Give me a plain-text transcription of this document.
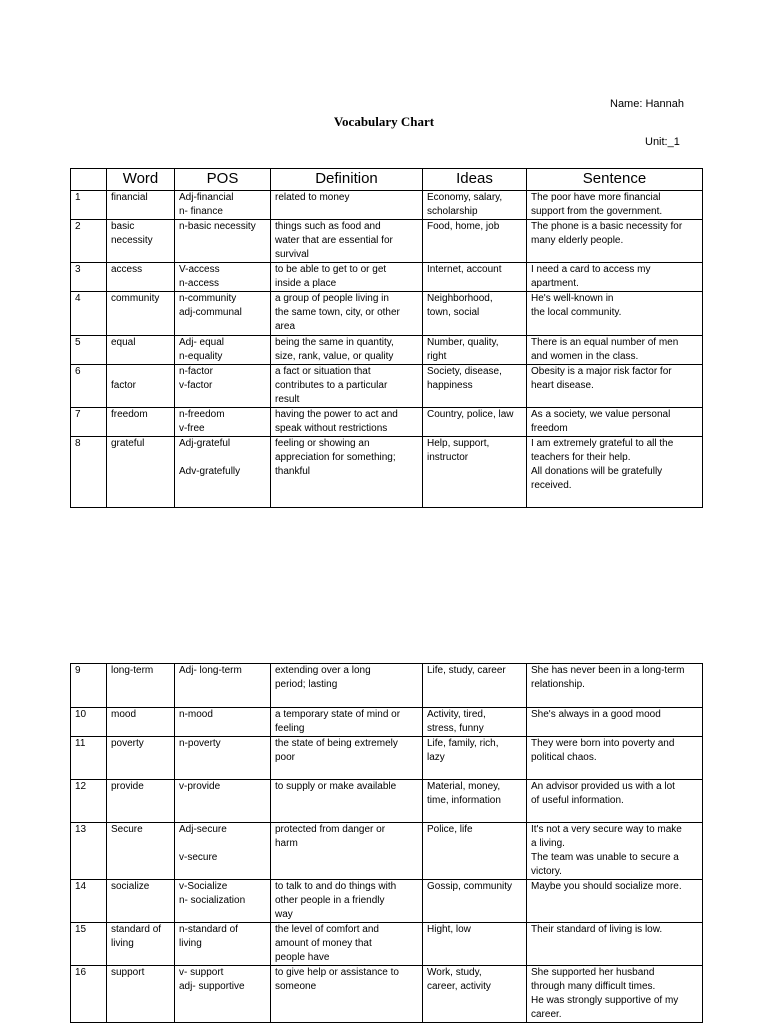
Name: Hannah
Vocabulary Chart
Unit:_1
	Word	POS	Definition	Ideas	Sentence

1	financial	Adj-financial
n- finance	related to money	Economy, salary,
scholarship	The poor have more financial
support from the government.

2	basic
necessity	n-basic necessity	things such as food and
water that are essential for
survival	Food, home, job	The phone is a basic necessity for
many elderly people.

3	access	V-access
n-access	to be able to get to or get
inside a place	Internet, account	I need a card to access my
apartment.

4	community	n-community
adj-communal	a group of people living in
the same town, city, or other
area	Neighborhood,
town, social	He's well-known in
the local community.

5	equal	Adj- equal
n-equality	being the same in quantity,
size, rank, value, or quality	Number, quality,
right	There is an equal number of men
and women in the class.

6	factor	n-factor
v-factor	a fact or situation that
contributes to a particular
result	Society, disease,
happiness	Obesity is a major risk factor for
heart disease.

7	freedom	n-freedom
v-free	having the power to act and
speak without restrictions	Country, police, law	As a society, we value personal
freedom

8	grateful	Adj-grateful

Adv-gratefully	feeling or showing an
appreciation for something;
thankful	Help, support,
instructor	I am extremely grateful to all the
teachers for their help.
All donations will be gratefully
received.
9	long-term	Adj- long-term	extending over a long
period; lasting	Life, study, career	She has never been in a long-term
relationship.

10	mood	n-mood	a temporary state of mind or
feeling	Activity, tired,
stress, funny	She's always in a good mood

11	poverty	n-poverty	the state of being extremely
poor	Life, family, rich,
lazy	They were born into poverty and
political chaos.

12	provide	v-provide	to supply or make available	Material, money,
time, information	An advisor provided us with a lot
of useful information.

13	Secure	Adj-secure

v-secure	protected from danger or
harm	Police, life	It's not a very secure way to make
a living.
The team was unable to secure a
victory.

14	socialize	v-Socialize
n- socialization	to talk to and do things with
other people in a friendly
way	Gossip, community	Maybe you should socialize more.

15	standard of
living	n-standard of
living	the level of comfort and
amount of money that
people have	Hight, low	Their standard of living is low.

16	support	v- support
adj- supportive	to give help or assistance to
someone	Work, study,
career, activity	She supported her husband
through many difficult times.
He was strongly supportive of my
career.
